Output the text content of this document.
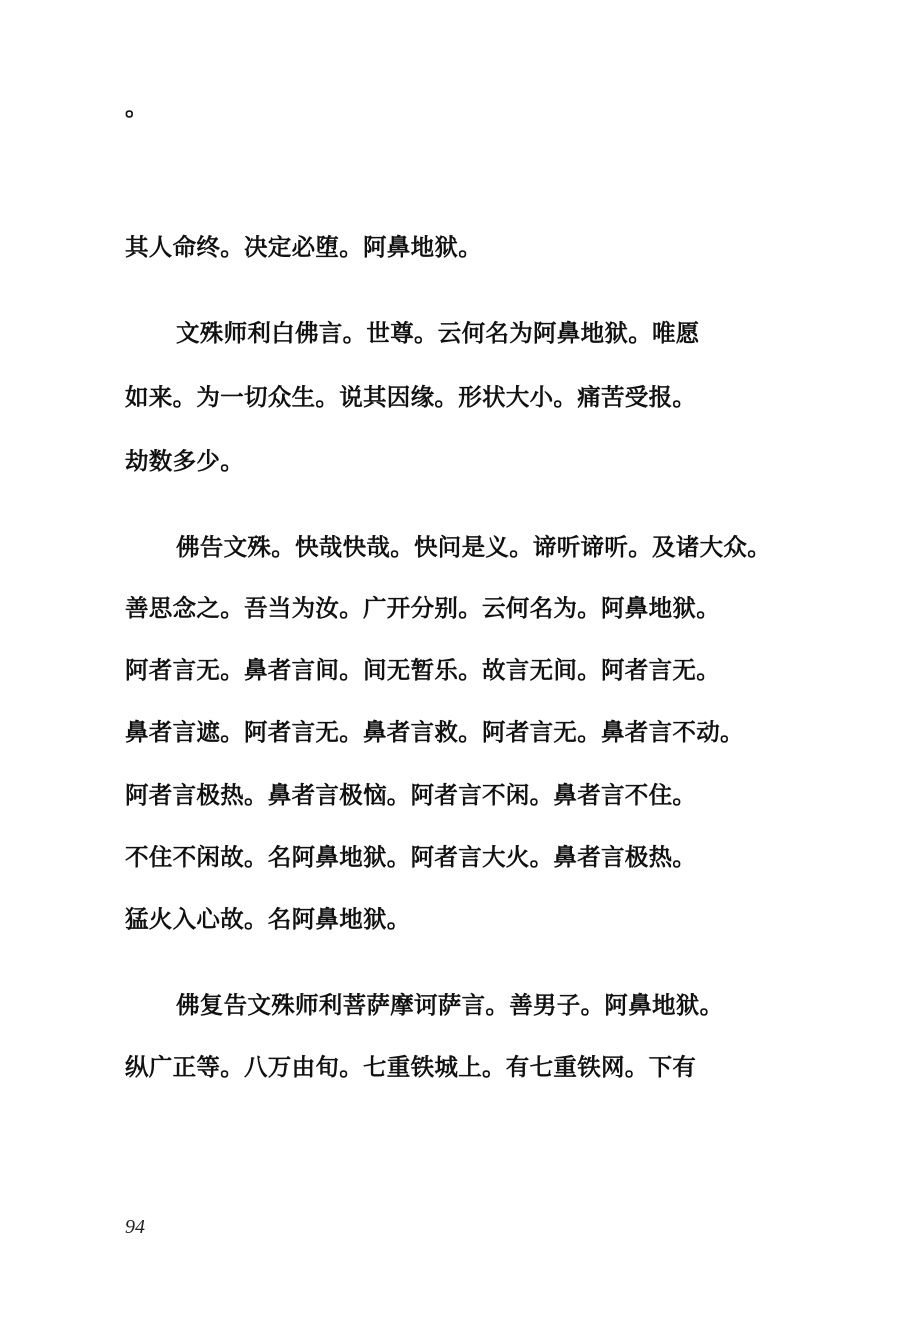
。
其人命终。决定必堕。阿鼻地狱。
文殊师利白佛言。世尊。云何名为阿鼻地狱。唯愿
如来。为一切众生。说其因缘。形状大小。痛苦受报。
劫数多少。
佛告文殊。快哉快哉。快问是义。谛听谛听。及诸大众。
善思念之。吾当为汝。广开分别。云何名为。阿鼻地狱。
阿者言无。鼻者言间。间无暂乐。故言无间。阿者言无。
鼻者言遮。阿者言无。鼻者言救。阿者言无。鼻者言不动。
阿者言极热。鼻者言极恼。阿者言不闲。鼻者言不住。
不住不闲故。名阿鼻地狱。阿者言大火。鼻者言极热。
猛火入心故。名阿鼻地狱。
佛复告文殊师利菩萨摩诃萨言。善男子。阿鼻地狱。
纵广正等。八万由旬。七重铁城上。有七重铁网。下有
94
